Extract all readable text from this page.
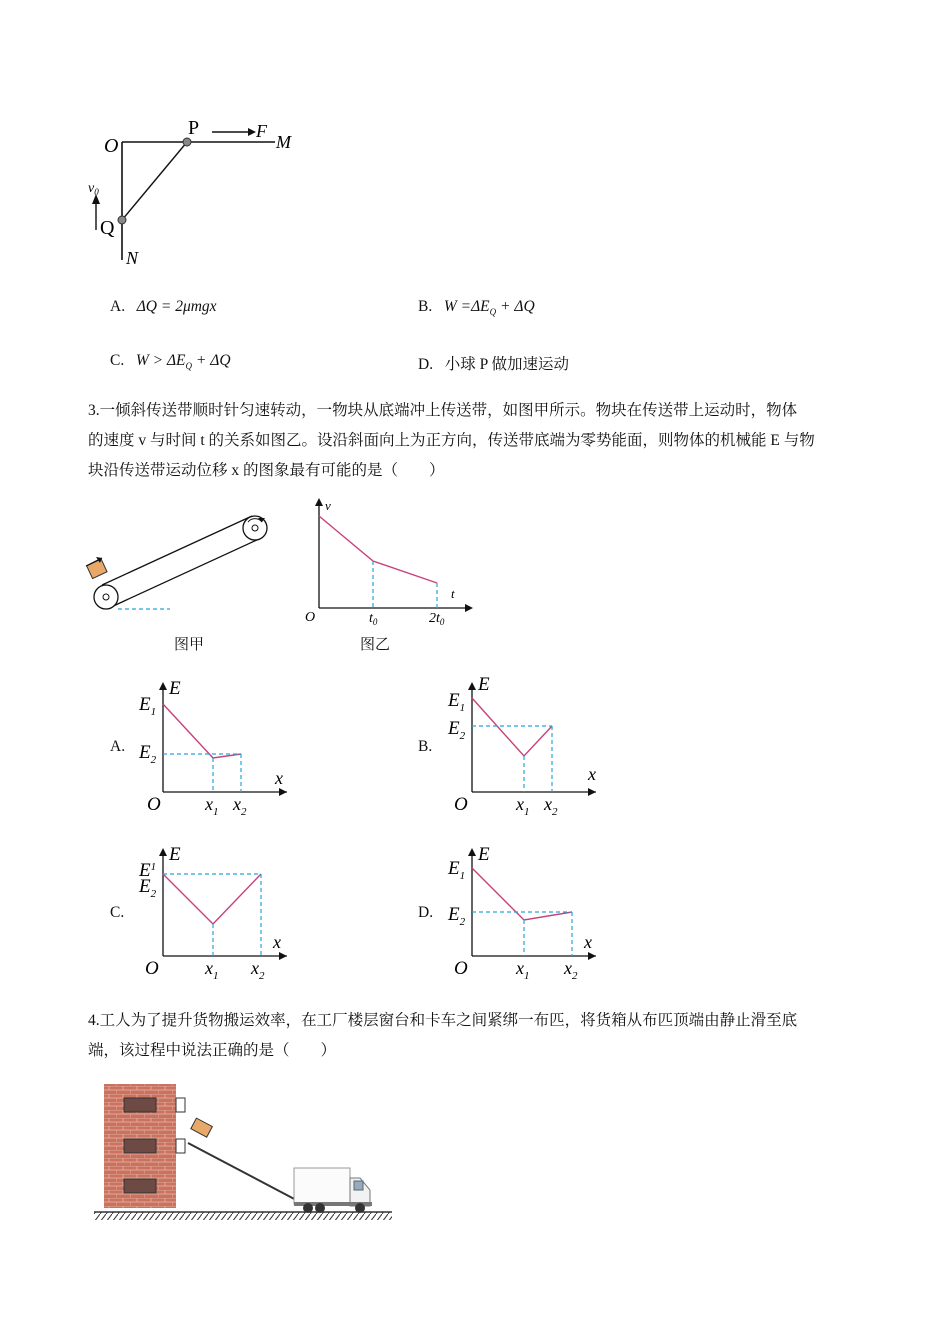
O
P	F
M
$v_0$
Q
N
A. ΔQ = 2μmgx	B. $W =\Delta E_Q + \Delta Q$
C. $W > \Delta E_Q + \Delta Q$	D. 小球 P 做加速运动
3.一倾斜传送带顺时针匀速转动，一物块从底端冲上传送带，如图甲所示。物块在传送带上运动时，物体
的速度 v 与时间 t 的关系如图乙。设沿斜面向上为正方向，传送带底端为零势能面，则物体的机械能 E 与物
块沿传送带运动位移 x 的图象最有可能的是（　　）
图甲
v
t
O	$t_0$	$2t_0$
图乙
A.
E
$E_1$
$E_2$
x
O $x_1$ $x_2$
B.
E
$E_1$
$E_2$
x
O	$x_1$ $x_2$
C.
E
$E^1$
$E_2$
x
O	$x_1$ $x_2$
D.
E
$E_1$
$E_2$
x
O	$x_1$ $x_2$
4.工人为了提升货物搬运效率，在工厂楼层窗台和卡车之间紧绑一布匹，将货箱从布匹顶端由静止滑至底
端，该过程中说法正确的是（　　）
